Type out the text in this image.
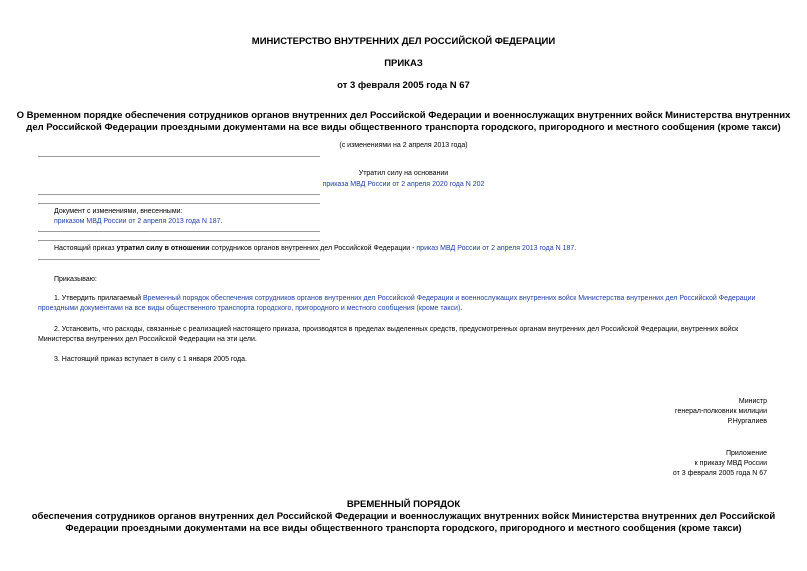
МИНИСТЕРСТВО ВНУТРЕННИХ ДЕЛ РОССИЙСКОЙ ФЕДЕРАЦИИ
ПРИКАЗ
от 3 февраля 2005 года N 67
О Временном порядке обеспечения сотрудников органов внутренних дел Российской Федерации и военнослужащих внутренних войск Министерства внутренних
дел Российской Федерации проездными документами на все виды общественного транспорта городского, пригородного и местного сообщения (кроме такси)
(с изменениями на 2 апреля 2013 года)
Утратил силу на основании
приказа МВД России от 2 апреля 2020 года N 202
Документ с изменениями, внесенными:
приказом МВД России от 2 апреля 2013 года N 187.
Настоящий приказ утратил силу в отношении сотрудников органов внутренних дел Российской Федерации - приказ МВД России от 2 апреля 2013 года N 187.
Приказываю:
1. Утвердить прилагаемый Временный порядок обеспечения сотрудников органов внутренних дел Российской Федерации и военнослужащих внутренних войск Министерства внутренних дел Российской Федерации
проездными документами на все виды общественного транспорта городского, пригородного и местного сообщения (кроме такси).
2. Установить, что расходы, связанные с реализацией настоящего приказа, производятся в пределах выделенных средств, предусмотренных органам внутренних дел Российской Федерации, внутренних войск
Министерства внутренних дел Российской Федерации на эти цели.
3. Настоящий приказ вступает в силу с 1 января 2005 года.
Министр
генерал-полковник милиции
Р.Нургалиев
Приложение
к приказу МВД России
от 3 февраля 2005 года N 67
ВРЕМЕННЫЙ ПОРЯДОК
обеспечения сотрудников органов внутренних дел Российской Федерации и военнослужащих внутренних войск Министерства внутренних дел Российской
Федерации проездными документами на все виды общественного транспорта городского, пригородного и местного сообщения (кроме такси)
